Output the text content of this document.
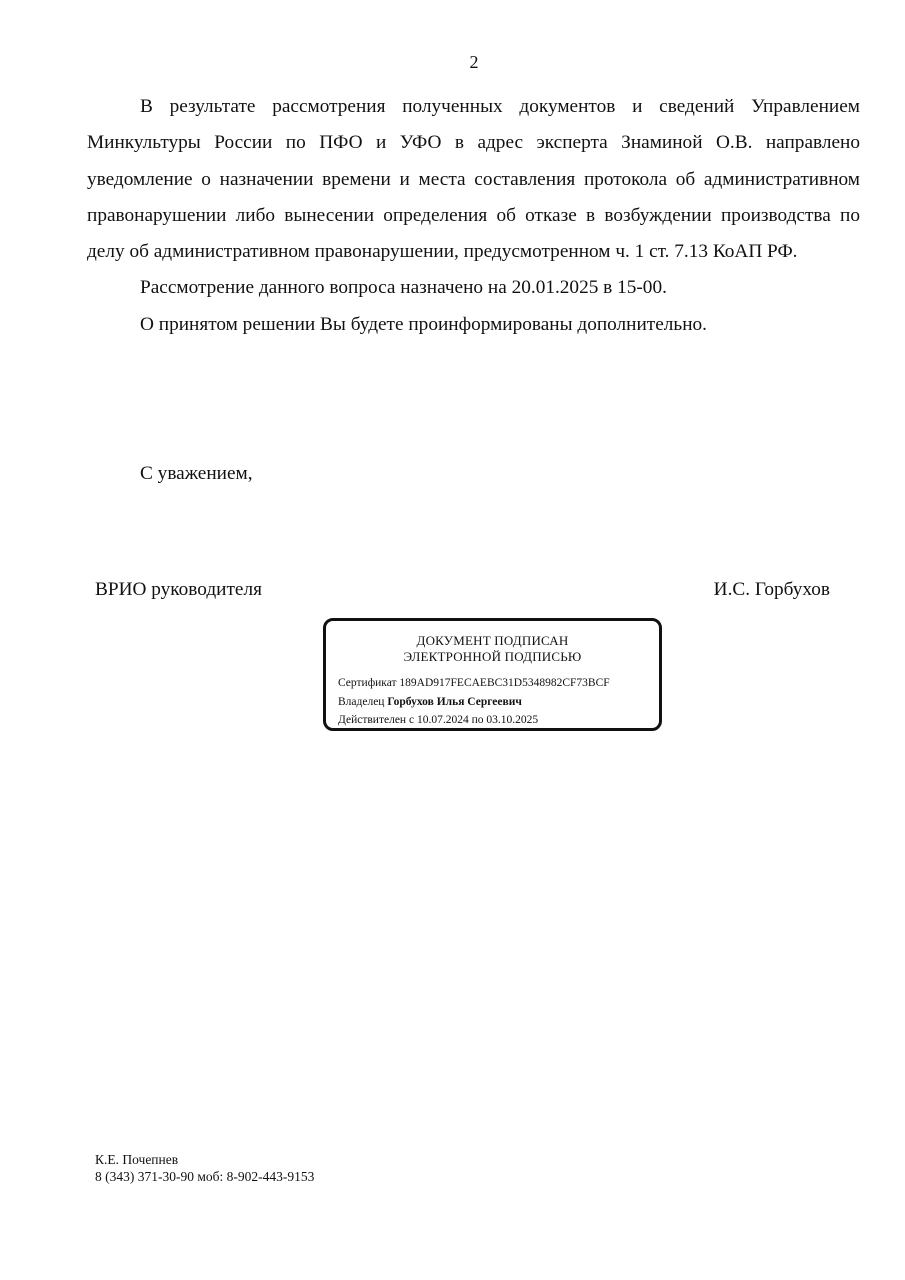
2

В результате рассмотрения полученных документов и сведений Управлением Минкультуры России по ПФО и УФО в адрес эксперта Знаминой О.В. направлено уведомление о назначении времени и места составления протокола об административном правонарушении либо вынесении определения об отказе в возбуждении производства по делу об административном правонарушении, предусмотренном ч. 1 ст. 7.13 КоАП РФ.

Рассмотрение данного вопроса назначено на 20.01.2025 в 15-00.

О принятом решении Вы будете проинформированы дополнительно.

С уважением,
ВРИО руководителя	И.С. Горбухов
ДОКУМЕНТ ПОДПИСАН
ЭЛЕКТРОННОЙ ПОДПИСЬЮ
Сертификат 189AD917FECAEBC31D5348982CF73BCF
Владелец Горбухов Илья Сергеевич
Действителен с 10.07.2024 по 03.10.2025
К.Е. Почепнев
8 (343) 371-30-90 моб: 8-902-443-9153
